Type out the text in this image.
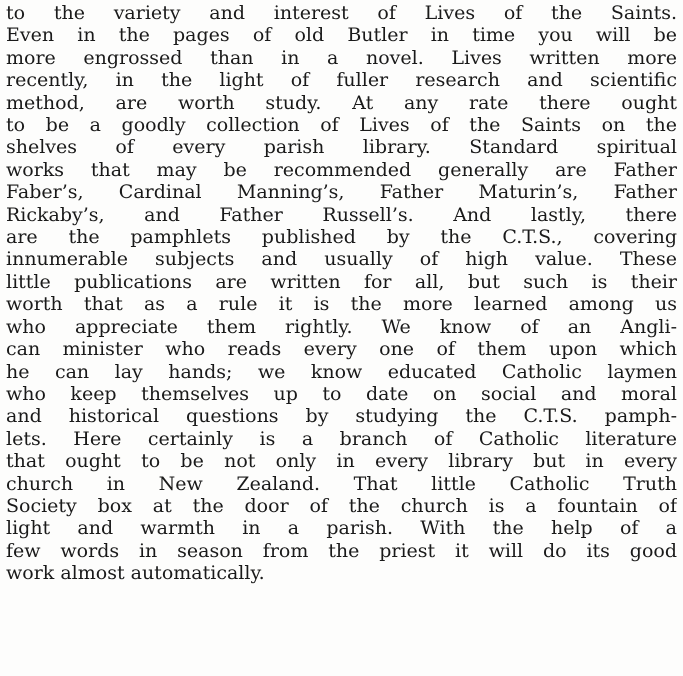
to the variety and interest of Lives of the Saints.
Even in the pages of old Butler in time you will be
more engrossed than in a novel. Lives written more
recently, in the light of fuller research and scientific
method, are worth study. At any rate there ought
to be a goodly collection of Lives of the Saints on the
shelves of every parish library. Standard spiritual
works that may be recommended generally are Father
Faber’s, Cardinal Manning’s, Father Maturin’s, Father
Rickaby’s, and Father Russell’s. And lastly, there
are the pamphlets published by the C.T.S., covering
innumerable subjects and usually of high value. These
little publications are written for all, but such is their
worth that as a rule it is the more learned among us
who appreciate them rightly. We know of an Angli-
can minister who reads every one of them upon which
he can lay hands; we know educated Catholic laymen
who keep themselves up to date on social and moral
and historical questions by studying the C.T.S. pamph-
lets. Here certainly is a branch of Catholic literature
that ought to be not only in every library but in every
church in New Zealand. That little Catholic Truth
Society box at the door of the church is a fountain of
light and warmth in a parish. With the help of a
few words in season from the priest it will do its good
work almost automatically.
